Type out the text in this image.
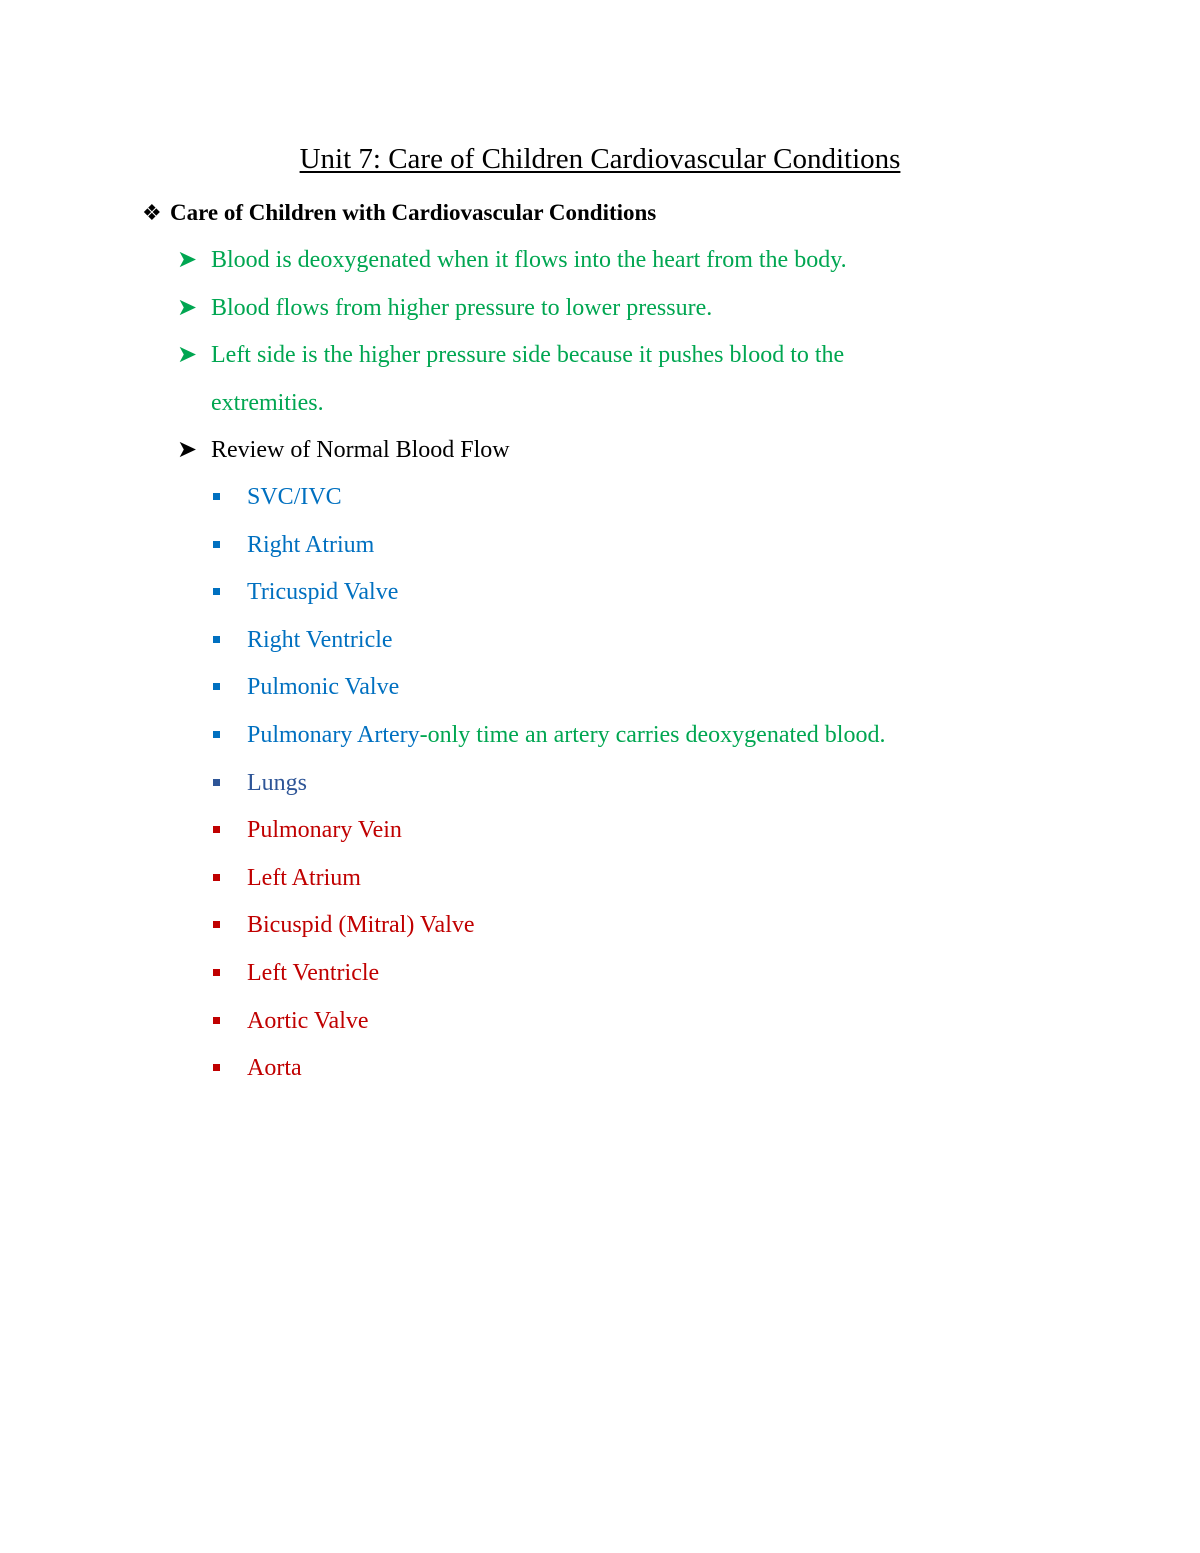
Unit 7: Care of Children Cardiovascular Conditions
❖ Care of Children with Cardiovascular Conditions
➤ Blood is deoxygenated when it flows into the heart from the body.
➤ Blood flows from higher pressure to lower pressure.
➤ Left side is the higher pressure side because it pushes blood to the
extremities.
➤ Review of Normal Blood Flow
SVC/IVC
Right Atrium
Tricuspid Valve
Right Ventricle
Pulmonic Valve
Pulmonary Artery-only time an artery carries deoxygenated blood.
Lungs
Pulmonary Vein
Left Atrium
Bicuspid (Mitral) Valve
Left Ventricle
Aortic Valve
Aorta
